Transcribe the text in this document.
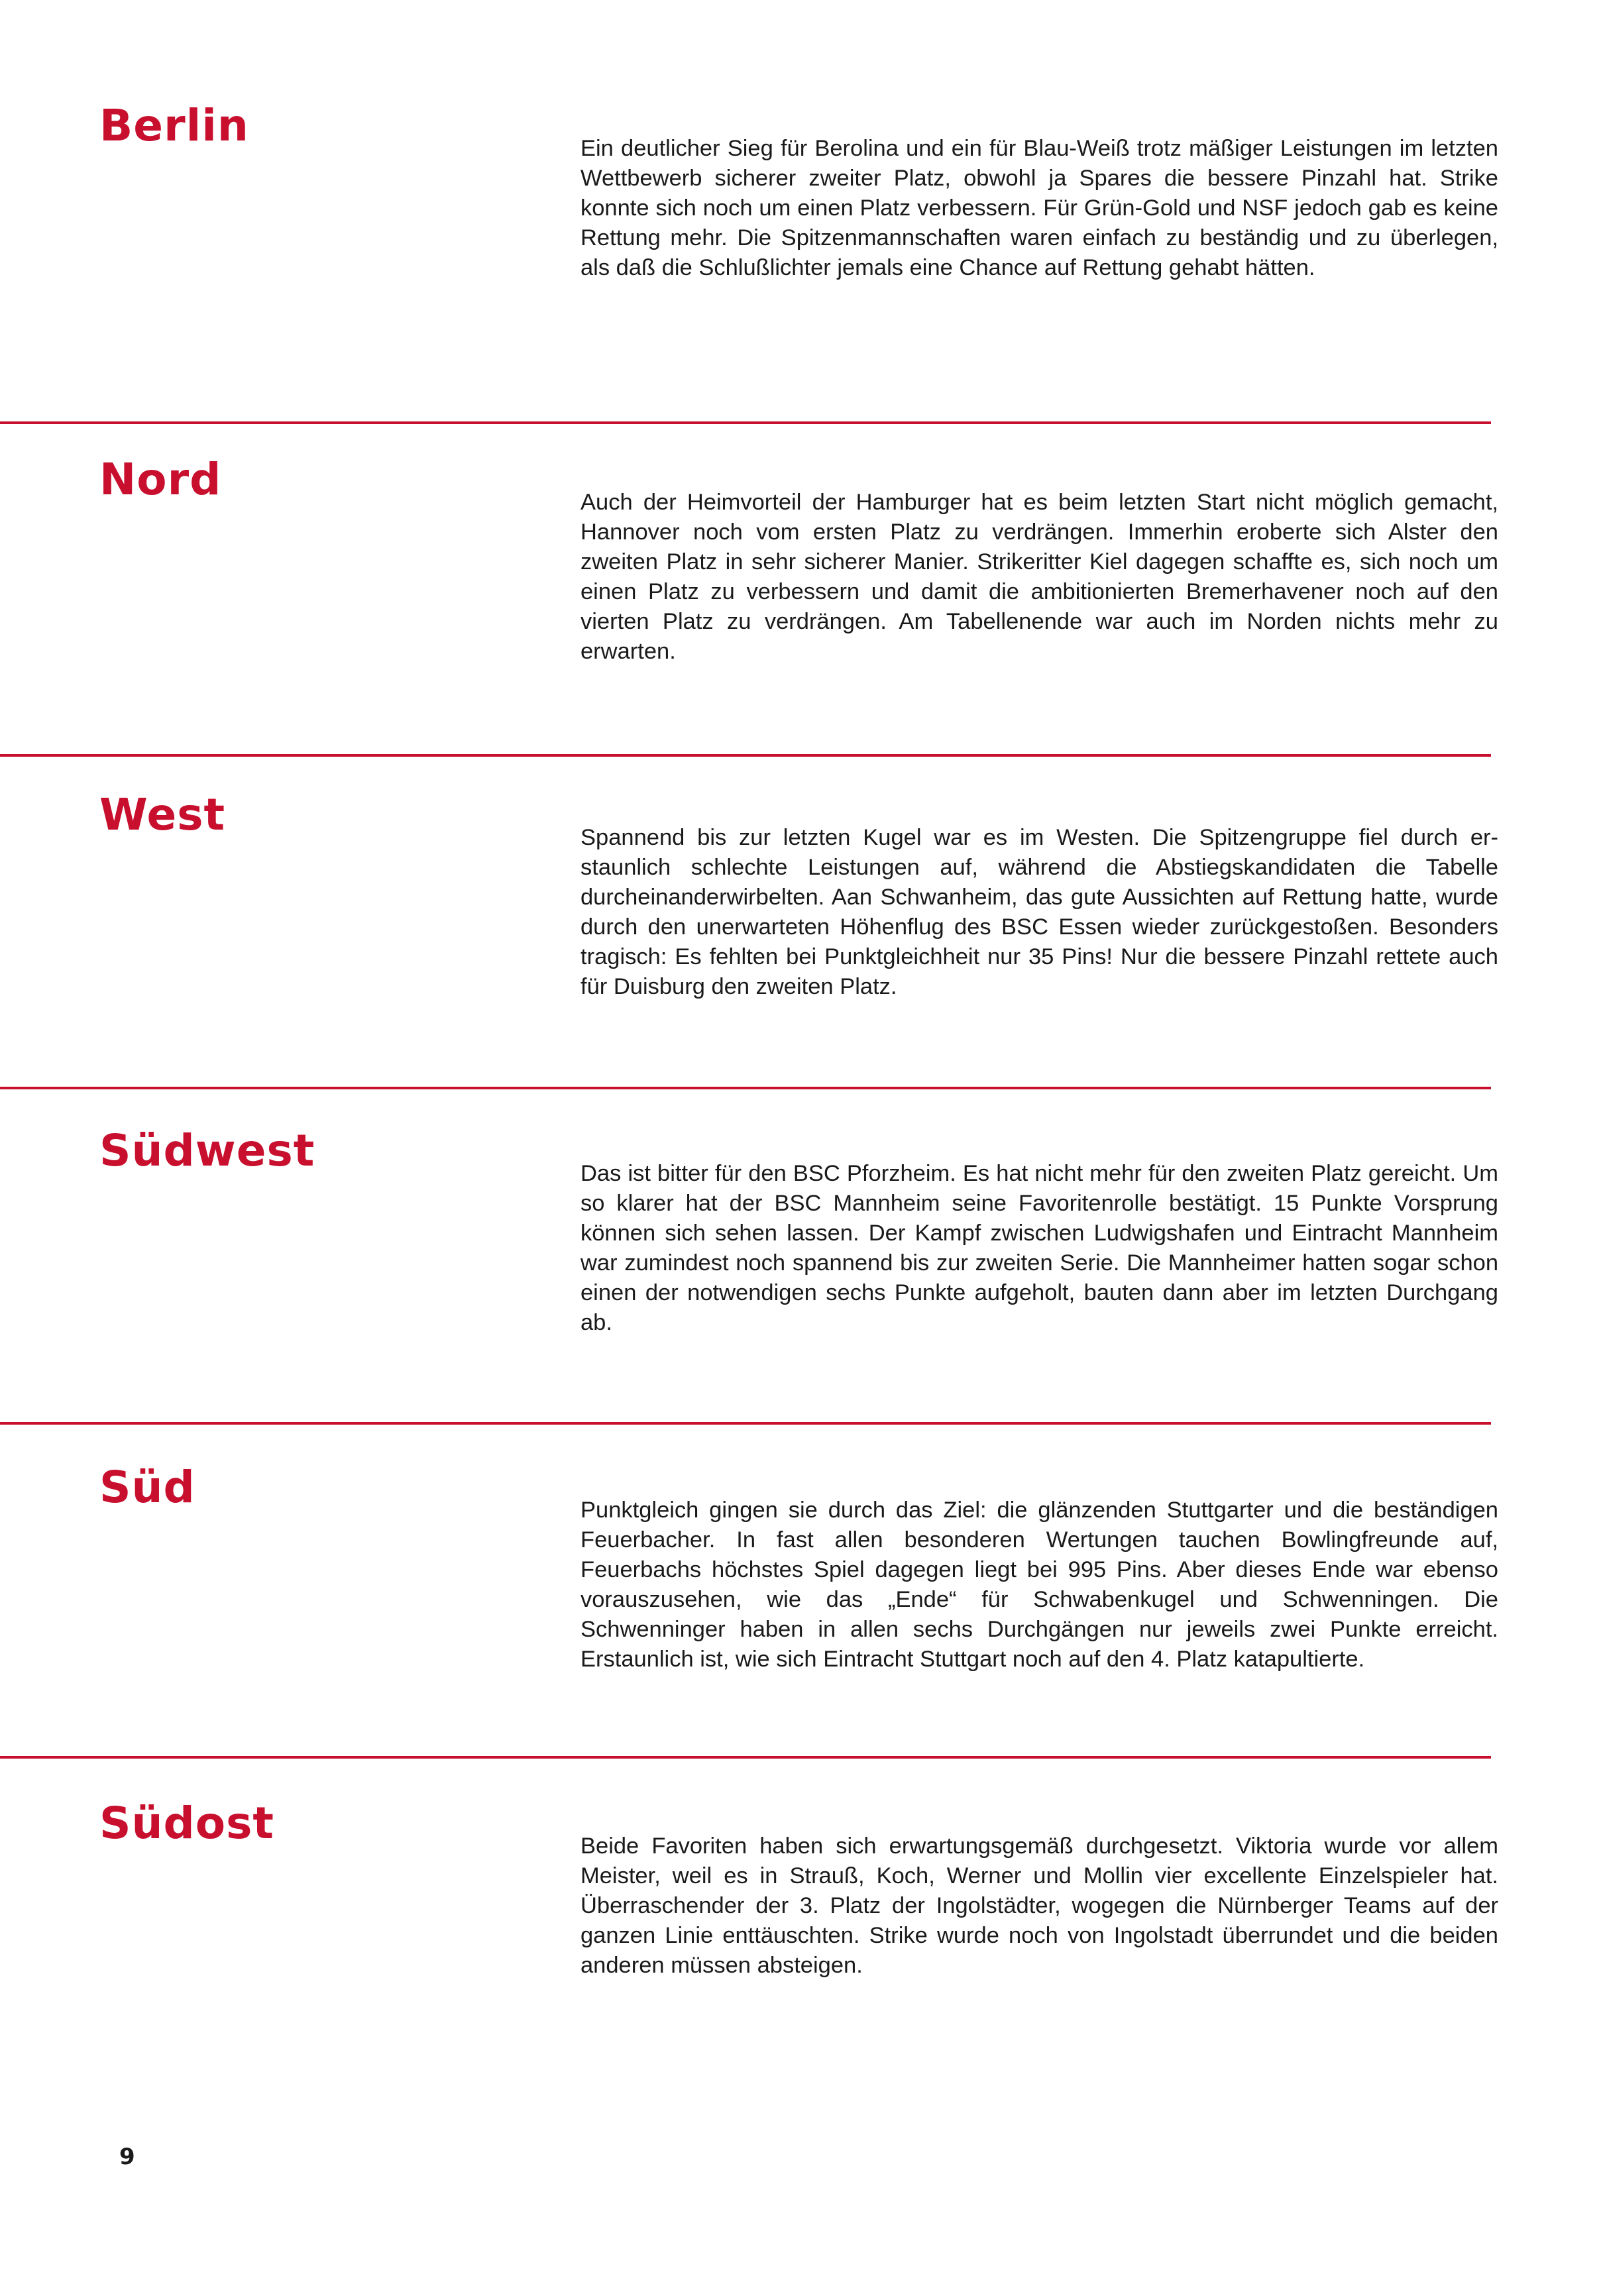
Berlin	Ein deutlicher Sieg für Berolina und ein für Blau-Weiß trotz mäßiger Leistungen im letzten Wettbewerb sicherer zweiter Platz, obwohl ja Spares die bessere Pinzahl hat. Strike konnte sich noch um einen Platz verbessern. Für Grün-Gold und NSF jedoch gab es keine Rettung mehr. Die Spitzenmannschaften waren einfach zu beständig und zu überlegen, als daß die Schlußlichter jemals eine Chance auf Rettung gehabt hätten.

Nord	Auch der Heimvorteil der Hamburger hat es beim letzten Start nicht möglich gemacht, Hannover noch vom ersten Platz zu verdrängen. Immerhin eroberte sich Alster den zweiten Platz in sehr sicherer Manier. Strikeritter Kiel dagegen schaffte es, sich noch um einen Platz zu verbessern und damit die ambitionierten Bremerhavener noch auf den vierten Platz zu verdrängen. Am Tabellenende war auch im Norden nichts mehr zu erwarten.

West	Spannend bis zur letzten Kugel war es im Westen. Die Spitzengruppe fiel durch erstaunlich schlechte Leistungen auf, während die Abstiegskandidaten die Tabelle durcheinanderwirbelten. Aan Schwanheim, das gute Aussichten auf Rettung hatte, wurde durch den unerwarteten Höhenflug des BSC Essen wieder zurückgestoßen. Besonders tragisch: Es fehlten bei Punktgleichheit nur 35 Pins! Nur die bessere Pinzahl rettete auch für Duisburg den zweiten Platz.

Südwest	Das ist bitter für den BSC Pforzheim. Es hat nicht mehr für den zweiten Platz gereicht. Um so klarer hat der BSC Mannheim seine Favoritenrolle bestätigt. 15 Punkte Vorsprung können sich sehen lassen. Der Kampf zwischen Ludwigshafen und Eintracht Mannheim war zumindest noch spannend bis zur zweiten Serie. Die Mannheimer hatten sogar schon einen der notwendigen sechs Punkte aufgeholt, bauten dann aber im letzten Durchgang ab.

Süd	Punktgleich gingen sie durch das Ziel: die glänzenden Stuttgarter und die beständigen Feuerbacher. In fast allen besonderen Wertungen tauchen Bowlingfreunde auf, Feuerbachs höchstes Spiel dagegen liegt bei 995 Pins. Aber dieses Ende war ebenso vorauszusehen, wie das „Ende“ für Schwabenkugel und Schwenningen. Die Schwenninger haben in allen sechs Durchgängen nur jeweils zwei Punkte erreicht. Erstaunlich ist, wie sich Eintracht Stuttgart noch auf den 4. Platz katapultierte.

Südost	Beide Favoriten haben sich erwartungsgemäß durchgesetzt. Viktoria wurde vor allem Meister, weil es in Strauß, Koch, Werner und Mollin vier excellente Einzelspieler hat. Überraschender der 3. Platz der Ingolstädter, wogegen die Nürnberger Teams auf der ganzen Linie enttäuschten. Strike wurde noch von Ingolstadt überrundet und die beiden anderen müssen absteigen.

9
